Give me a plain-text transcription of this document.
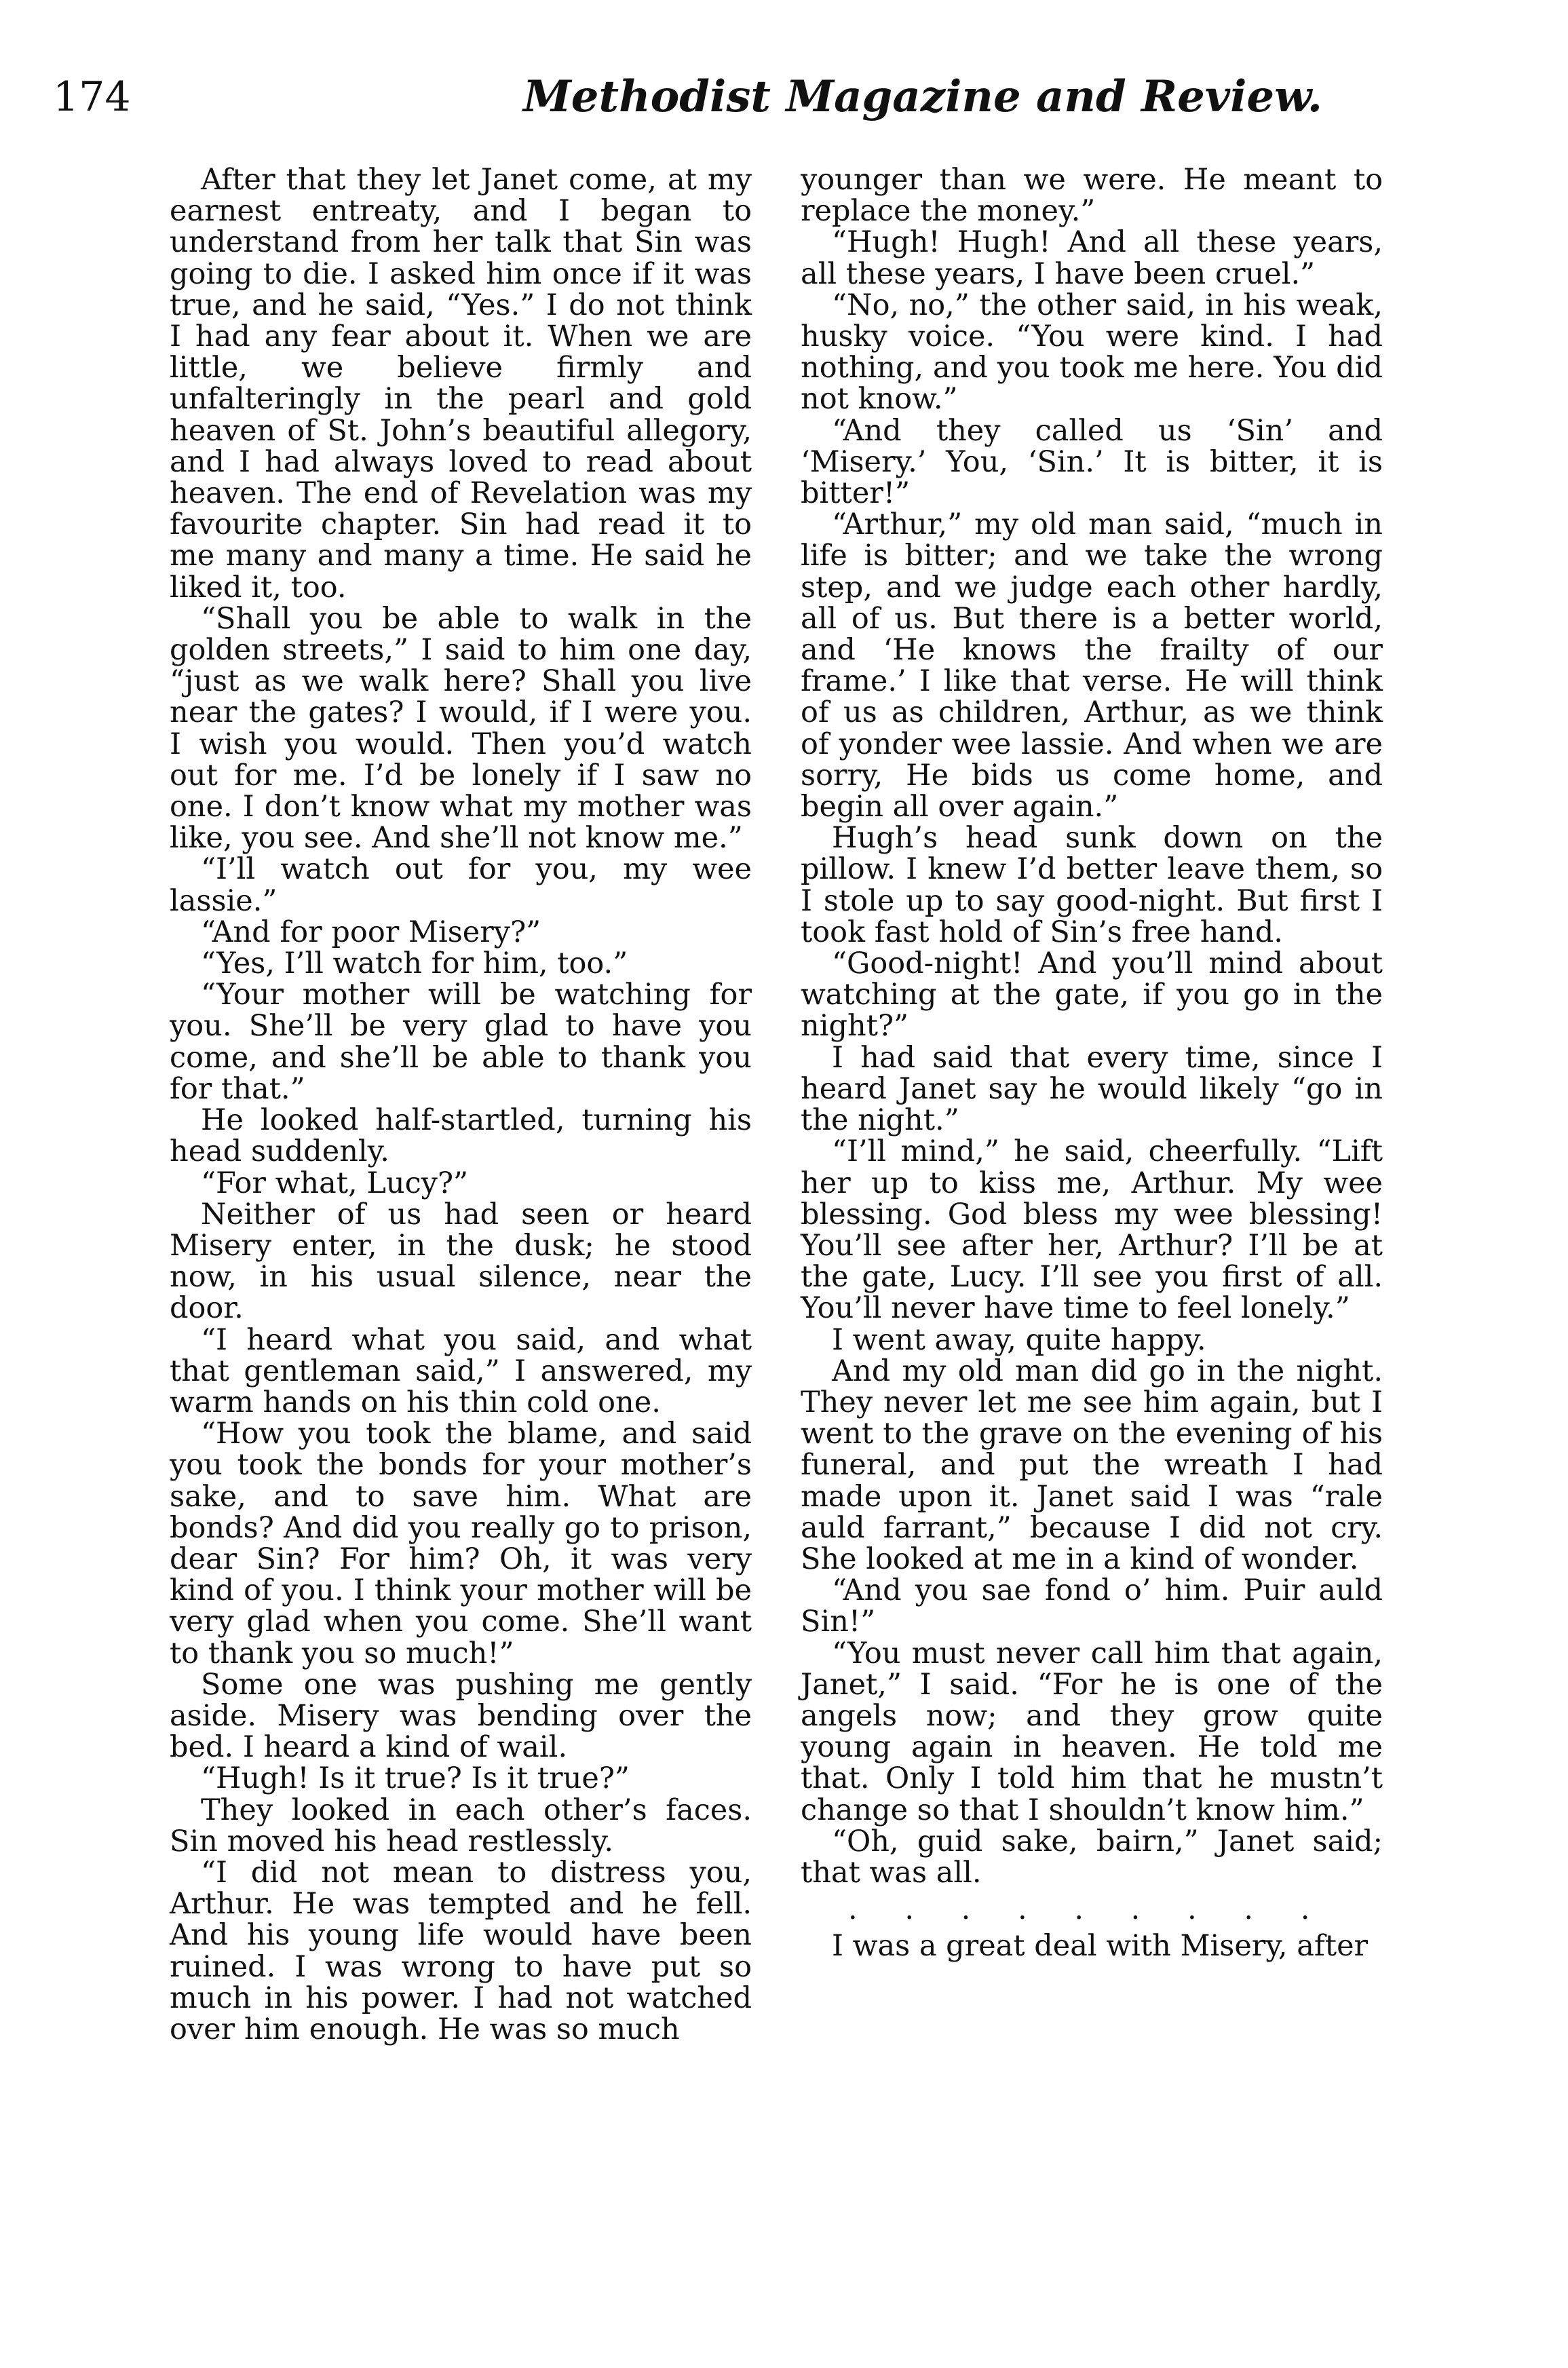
174	Methodist Magazine and Review.

After that they let Janet come, at my earnest entreaty, and I began to understand from her talk that Sin was going to die. I asked him once if it was true, and he said, “Yes.” I do not think I had any fear about it. When we are little, we believe firmly and unfalteringly in the pearl and gold heaven of St. John’s beautiful allegory, and I had always loved to read about heaven. The end of Revelation was my favourite chapter. Sin had read it to me many and many a time. He said he liked it, too.

“Shall you be able to walk in the golden streets,” I said to him one day, “just as we walk here? Shall you live near the gates? I would, if I were you. I wish you would. Then you’d watch out for me. I’d be lonely if I saw no one. I don’t know what my mother was like, you see. And she’ll not know me.”

“I’ll watch out for you, my wee lassie.”

“And for poor Misery?”

“Yes, I’ll watch for him, too.”

“Your mother will be watching for you. She’ll be very glad to have you come, and she’ll be able to thank you for that.”

He looked half-startled, turning his head suddenly.

“For what, Lucy?”

Neither of us had seen or heard Misery enter, in the dusk; he stood now, in his usual silence, near the door.

“I heard what you said, and what that gentleman said,” I answered, my warm hands on his thin cold one.

“How you took the blame, and said you took the bonds for your mother’s sake, and to save him. What are bonds? And did you really go to prison, dear Sin? For him? Oh, it was very kind of you. I think your mother will be very glad when you come. She’ll want to thank you so much!”

Some one was pushing me gently aside. Misery was bending over the bed. I heard a kind of wail.

“Hugh! Is it true? Is it true?”

They looked in each other’s faces. Sin moved his head restlessly.

“I did not mean to distress you, Arthur. He was tempted and he fell. And his young life would have been ruined. I was wrong to have put so much in his power. I had not watched over him enough. He was so much

younger than we were. He meant to replace the money.”

“Hugh! Hugh! And all these years, all these years, I have been cruel.”

“No, no,” the other said, in his weak, husky voice. “You were kind. I had nothing, and you took me here. You did not know.”

“And they called us ‘Sin’ and ‘Misery.’ You, ‘Sin.’ It is bitter, it is bitter!”

“Arthur,” my old man said, “much in life is bitter; and we take the wrong step, and we judge each other hardly, all of us. But there is a better world, and ‘He knows the frailty of our frame.’ I like that verse. He will think of us as children, Arthur, as we think of yonder wee lassie. And when we are sorry, He bids us come home, and begin all over again.”

Hugh’s head sunk down on the pillow. I knew I’d better leave them, so I stole up to say good-night. But first I took fast hold of Sin’s free hand.

“Good-night! And you’ll mind about watching at the gate, if you go in the night?”

I had said that every time, since I heard Janet say he would likely “go in the night.”

“I’ll mind,” he said, cheerfully. “Lift her up to kiss me, Arthur. My wee blessing. God bless my wee blessing! You’ll see after her, Arthur? I’ll be at the gate, Lucy. I’ll see you first of all. You’ll never have time to feel lonely.”

I went away, quite happy.

And my old man did go in the night. They never let me see him again, but I went to the grave on the evening of his funeral, and put the wreath I had made upon it. Janet said I was “rale auld farrant,” because I did not cry. She looked at me in a kind of wonder.

“And you sae fond o’ him. Puir auld Sin!”

“You must never call him that again, Janet,” I said. “For he is one of the angels now; and they grow quite young again in heaven. He told me that. Only I told him that he mustn’t change so that I shouldn’t know him.”

“Oh, guid sake, bairn,” Janet said; that was all.

. . . . . . . . .

I was a great deal with Misery, after
